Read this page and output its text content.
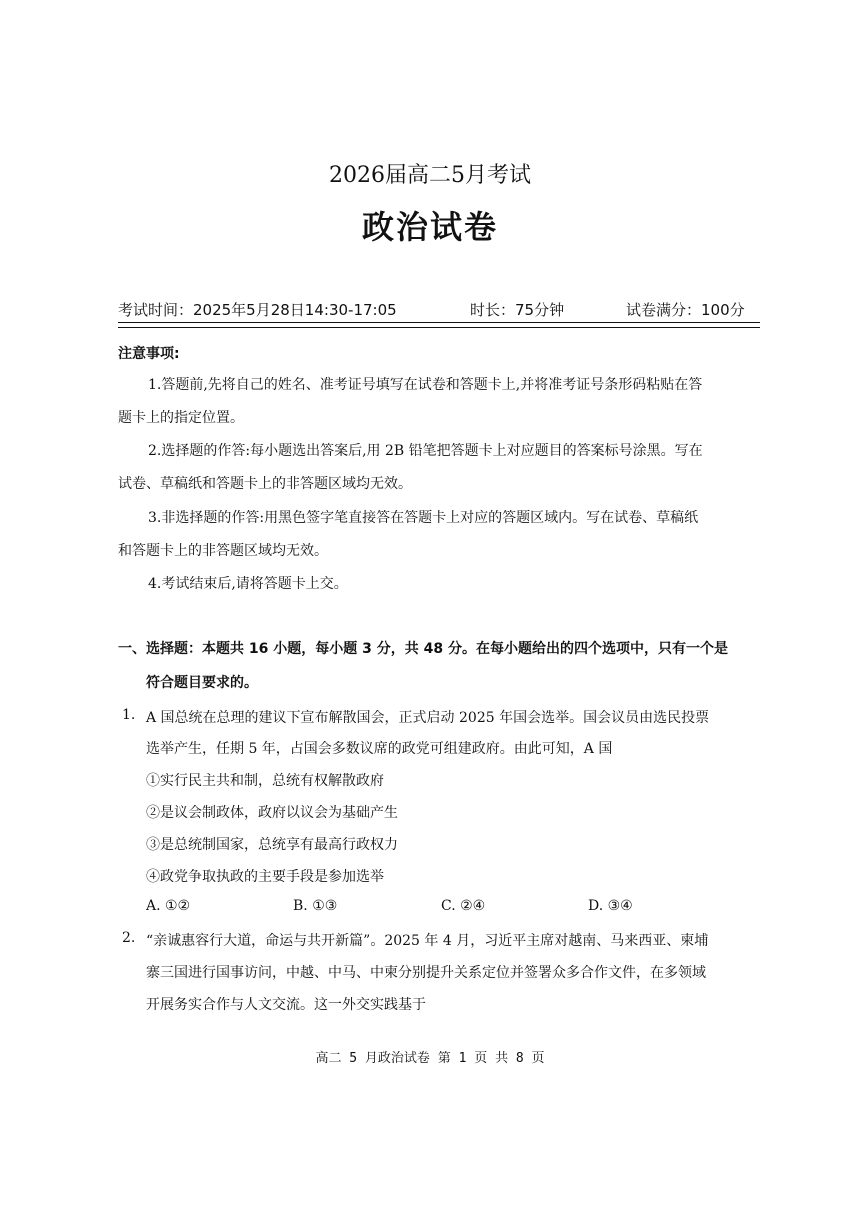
2026届高二5月考试
政治试卷
考试时间：2025年5月28日14:30-17:05	时长：75分钟	试卷满分：100分
注意事项:
1.答题前,先将自己的姓名、准考证号填写在试卷和答题卡上,并将准考证号条形码粘贴在答
题卡上的指定位置。
2.选择题的作答:每小题选出答案后,用 2B 铅笔把答题卡上对应题目的答案标号涂黑。写在
试卷、草稿纸和答题卡上的非答题区域均无效。
3.非选择题的作答:用黑色签字笔直接答在答题卡上对应的答题区域内。写在试卷、草稿纸
和答题卡上的非答题区域均无效。
4.考试结束后,请将答题卡上交。
一、选择题：本题共 16 小题，每小题 3 分，共 48 分。在每小题给出的四个选项中，只有一个是
符合题目要求的。
1. A 国总统在总理的建议下宣布解散国会，正式启动 2025 年国会选举。国会议员由选民投票
选举产生，任期 5 年，占国会多数议席的政党可组建政府。由此可知，A 国
①实行民主共和制，总统有权解散政府
②是议会制政体，政府以议会为基础产生
③是总统制国家，总统享有最高行政权力
④政党争取执政的主要手段是参加选举
A. ①②	B. ①③	C. ②④	D. ③④
2. “亲诚惠容行大道，命运与共开新篇”。2025 年 4 月，习近平主席对越南、马来西亚、柬埔
寨三国进行国事访问，中越、中马、中柬分别提升关系定位并签署众多合作文件，在多领域
开展务实合作与人文交流。这一外交实践基于
高二 5 月政治试卷 第 1 页 共 8 页
